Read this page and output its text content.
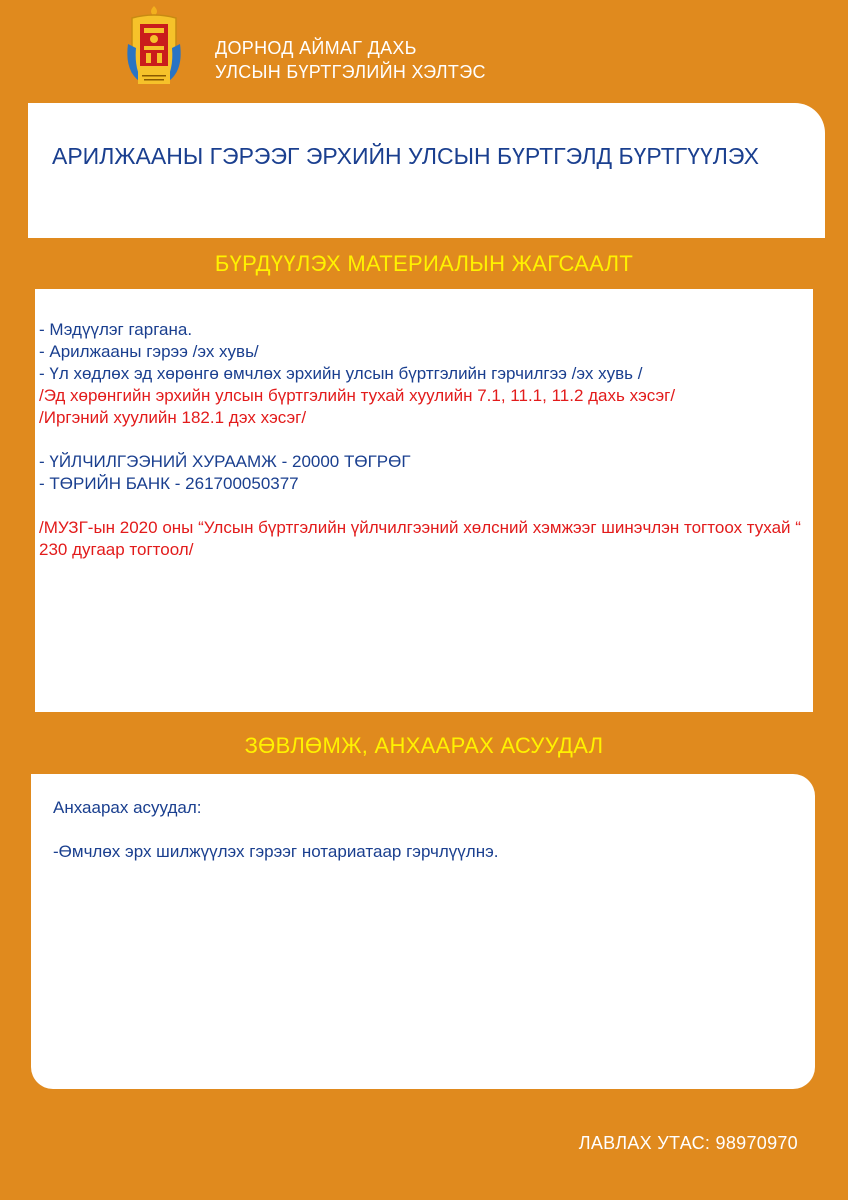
ДОРНОД АЙМАГ ДАХЬ
УЛСЫН БҮРТГЭЛИЙН ХЭЛТЭС
АРИЛЖААНЫ ГЭРЭЭГ ЭРХИЙН УЛСЫН БҮРТГЭЛД БҮРТГҮҮЛЭХ
БҮРДҮҮЛЭХ МАТЕРИАЛЫН ЖАГСААЛТ
- Мэдүүлэг гаргана.
- Арилжааны гэрээ /эх хувь/
- Үл хөдлөх эд хөрөнгө өмчлөх эрхийн улсын бүртгэлийн гэрчилгээ /эх хувь /
/Эд хөрөнгийн эрхийн улсын бүртгэлийн тухай хуулийн 7.1, 11.1, 11.2 дахь хэсэг/
/Иргэний хуулийн 182.1 дэх хэсэг/
- ҮЙЛЧИЛГЭЭНИЙ ХУРААМЖ - 20000 ТӨГРӨГ
- ТӨРИЙН БАНК - 261700050377
/МУЗГ-ын 2020 оны “Улсын бүртгэлийн үйлчилгээний хөлсний хэмжээг шинэчлэн тогтоох тухай “ 230 дугаар тогтоол/
ЗӨВЛӨМЖ, АНХААРАХ АСУУДАЛ
Анхаарах асуудал:
-Өмчлөх эрх шилжүүлэх гэрээг нотариатаар гэрчлүүлнэ.
ЛАВЛАХ УТАС: 98970970
